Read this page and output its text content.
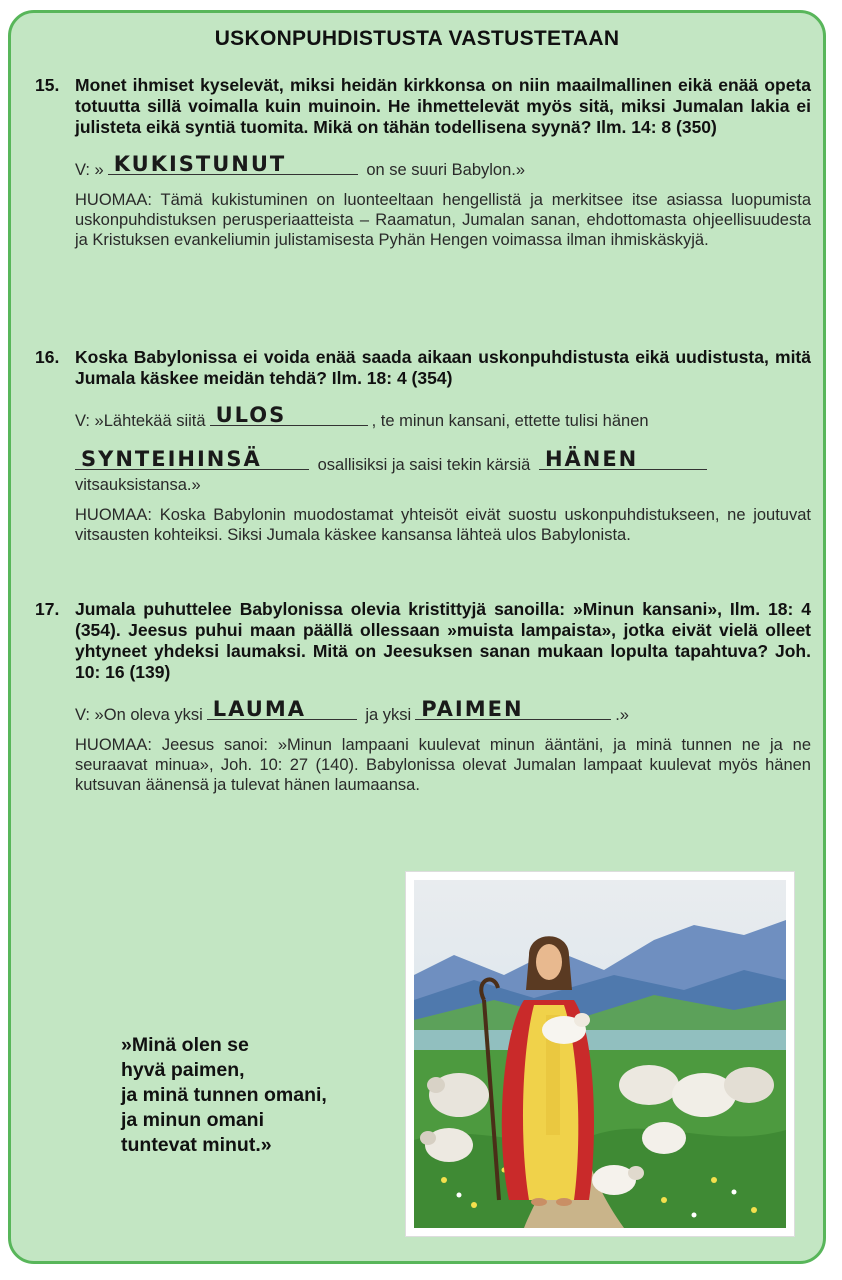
USKONPUHDISTUSTA VASTUSTETAAN
15. Monet ihmiset kyselevät, miksi heidän kirkkonsa on niin maailmallinen eikä enää opeta totuutta sillä voimalla kuin muinoin. He ihmettelevät myös sitä, miksi Jumalan lakia ei julisteta eikä syntiä tuomita. Mikä on tähän todellisena syynä? Ilm. 14: 8 (350)
V: » KUKISTUNUT	on se suuri Babylon.»
HUOMAA: Tämä kukistuminen on luonteeltaan hengellistä ja merkitsee itse asiassa luopumista uskonpuhdistuksen perusperiaatteista – Raamatun, Jumalan sanan, ehdottomasta ohjeellisuudesta ja Kristuksen evankeliumin julistamisesta Pyhän Hengen voimassa ilman ihmiskäskyjä.
16. Koska Babylonissa ei voida enää saada aikaan uskonpuhdistusta eikä uudistusta, mitä Jumala käskee meidän tehdä? Ilm. 18: 4 (354)
V: »Lähtekää siitä ULOS	, te minun kansani, ettette tulisi hänen
SYNTEIHINSÄ	osallisiksi ja saisi tekin kärsiä HÄNEN
vitsauksistansa.»
HUOMAA: Koska Babylonin muodostamat yhteisöt eivät suostu uskonpuhdistukseen, ne joutuvat vitsausten kohteiksi. Siksi Jumala käskee kansansa lähteä ulos Babylonista.
17. Jumala puhuttelee Babylonissa olevia kristittyjä sanoilla: »Minun kansani», Ilm. 18: 4 (354). Jeesus puhui maan päällä ollessaan »muista lampaista», jotka eivät vielä olleet yhtyneet yhdeksi laumaksi. Mitä on Jeesuksen sanan mukaan lopulta tapahtuva? Joh. 10: 16 (139)
V: »On oleva yksi LAUMA	ja yksi PAIMEN	.»
HUOMAA: Jeesus sanoi: »Minun lampaani kuulevat minun ääntäni, ja minä tunnen ne ja ne seuraavat minua», Joh. 10: 27 (140). Babylonissa olevat Jumalan lampaat kuulevat myös hänen kutsuvan äänensä ja tulevat hänen laumaansa.
»Minä olen se
hyvä paimen,
ja minä tunnen omani,
ja minun omani
tuntevat minut.»
